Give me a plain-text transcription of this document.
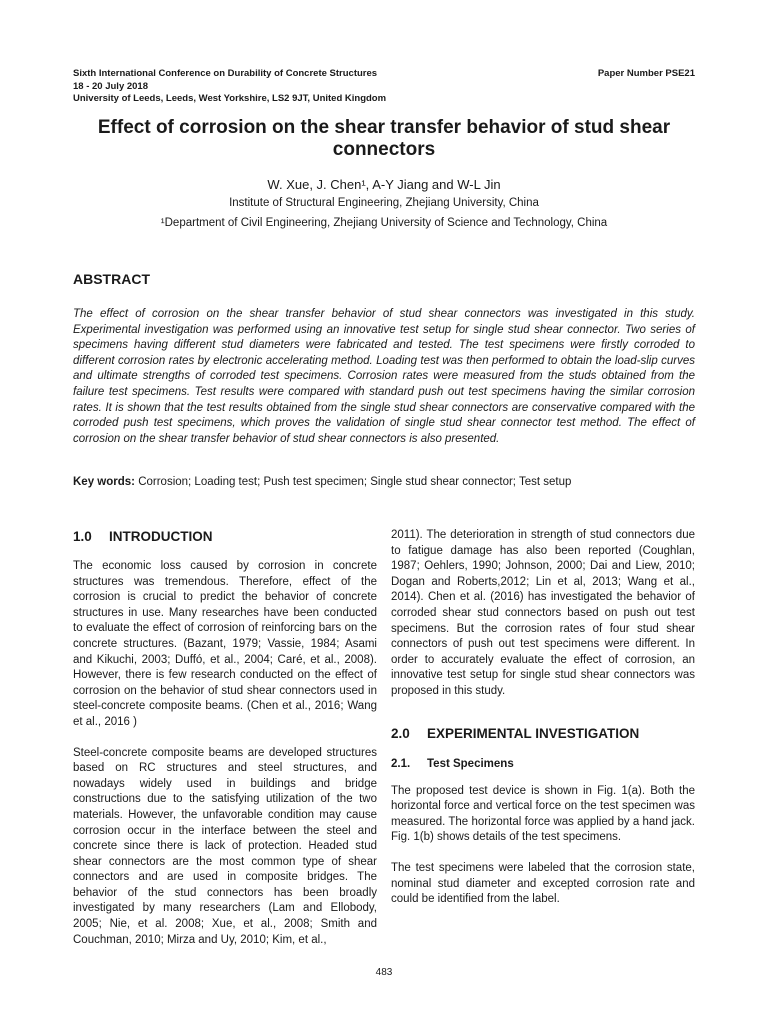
Sixth International Conference on Durability of Concrete Structures
18 - 20 July 2018
University of Leeds, Leeds, West Yorkshire, LS2 9JT, United Kingdom
Paper Number PSE21
Effect of corrosion on the shear transfer behavior of stud shear connectors
W. Xue, J. Chen¹, A-Y Jiang and W-L Jin
Institute of Structural Engineering, Zhejiang University, China
¹Department of Civil Engineering, Zhejiang University of Science and Technology, China
ABSTRACT
The effect of corrosion on the shear transfer behavior of stud shear connectors was investigated in this study. Experimental investigation was performed using an innovative test setup for single stud shear connector. Two series of specimens having different stud diameters were fabricated and tested. The test specimens were firstly corroded to different corrosion rates by electronic accelerating method. Loading test was then performed to obtain the load-slip curves and ultimate strengths of corroded test specimens. Corrosion rates were measured from the studs obtained from the failure test specimens. Test results were compared with standard push out test specimens having the similar corrosion rates. It is shown that the test results obtained from the single stud shear connectors are conservative compared with the corroded push test specimens, which proves the validation of single stud shear connector test method. The effect of corrosion on the shear transfer behavior of stud shear connectors is also presented.
Key words: Corrosion; Loading test; Push test specimen; Single stud shear connector; Test setup

1.0 INTRODUCTION

The economic loss caused by corrosion in concrete structures was tremendous. Therefore, effect of the corrosion is crucial to predict the behavior of concrete structures in use. Many researches have been conducted to evaluate the effect of corrosion of reinforcing bars on the concrete structures. (Bazant, 1979; Vassie, 1984; Asami and Kikuchi, 2003; Duffó, et al., 2004; Caré, et al., 2008). However, there is few research conducted on the effect of corrosion on the behavior of stud shear connectors used in steel-concrete composite beams. (Chen et al., 2016; Wang et al., 2016 )

Steel-concrete composite beams are developed structures based on RC structures and steel structures, and nowadays widely used in buildings and bridge constructions due to the satisfying utilization of the two materials. However, the unfavorable condition may cause corrosion occur in the interface between the steel and concrete since there is lack of protection. Headed stud shear connectors are the most common type of shear connectors and are used in composite bridges. The behavior of the stud connectors has been broadly investigated by many researchers (Lam and Ellobody, 2005; Nie, et al. 2008; Xue, et al., 2008; Smith and Couchman, 2010; Mirza and Uy, 2010; Kim, et al.,

2011). The deterioration in strength of stud connectors due to fatigue damage has also been reported (Coughlan, 1987; Oehlers, 1990; Johnson, 2000; Dai and Liew, 2010; Dogan and Roberts,2012; Lin et al, 2013; Wang et al., 2014). Chen et al. (2016) has investigated the behavior of corroded shear stud connectors based on push out test specimens. But the corrosion rates of four stud shear connectors of push out test specimens were different. In order to accurately evaluate the effect of corrosion, an innovative test setup for single stud shear connectors was proposed in this study.

2.0 EXPERIMENTAL INVESTIGATION

2.1. Test Specimens

The proposed test device is shown in Fig. 1(a). Both the horizontal force and vertical force on the test specimen was measured. The horizontal force was applied by a hand jack. Fig. 1(b) shows details of the test specimens.

The test specimens were labeled that the corrosion state, nominal stud diameter and excepted corrosion rate and could be identified from the label.

483
